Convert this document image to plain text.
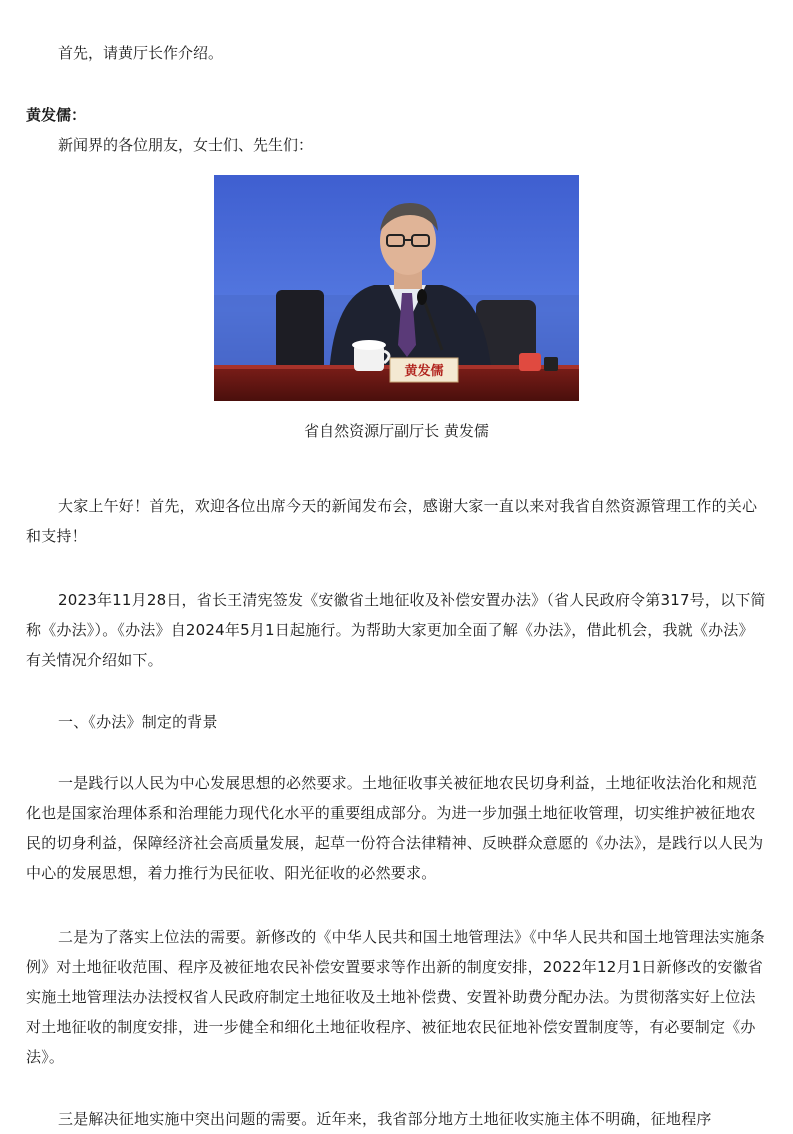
首先，请黄厅长作介绍。

黄发儒：

新闻界的各位朋友，女士们、先生们：

黄发儒

省自然资源厅副厅长 黄发儒

大家上午好！首先，欢迎各位出席今天的新闻发布会，感谢大家一直以来对我省自然资源管理工作的关心和支持！

2023年11月28日，省长王清宪签发《安徽省土地征收及补偿安置办法》（省人民政府令第317号，以下简称《办法》）。《办法》自2024年5月1日起施行。为帮助大家更加全面了解《办法》，借此机会，我就《办法》有关情况介绍如下。

一、《办法》制定的背景

一是践行以人民为中心发展思想的必然要求。土地征收事关被征地农民切身利益，土地征收法治化和规范化也是国家治理体系和治理能力现代化水平的重要组成部分。为进一步加强土地征收管理，切实维护被征地农民的切身利益，保障经济社会高质量发展，起草一份符合法律精神、反映群众意愿的《办法》，是践行以人民为中心的发展思想，着力推行为民征收、阳光征收的必然要求。

二是为了落实上位法的需要。新修改的《中华人民共和国土地管理法》《中华人民共和国土地管理法实施条例》对土地征收范围、程序及被征地农民补偿安置要求等作出新的制度安排，2022年12月1日新修改的安徽省实施土地管理法办法授权省人民政府制定土地征收及土地补偿费、安置补助费分配办法。为贯彻落实好上位法对土地征收的制度安排，进一步健全和细化土地征收程序、被征地农民征地补偿安置制度等，有必要制定《办法》。

三是解决征地实施中突出问题的需要。近年来，我省部分地方土地征收实施主体不明确，征地程序
